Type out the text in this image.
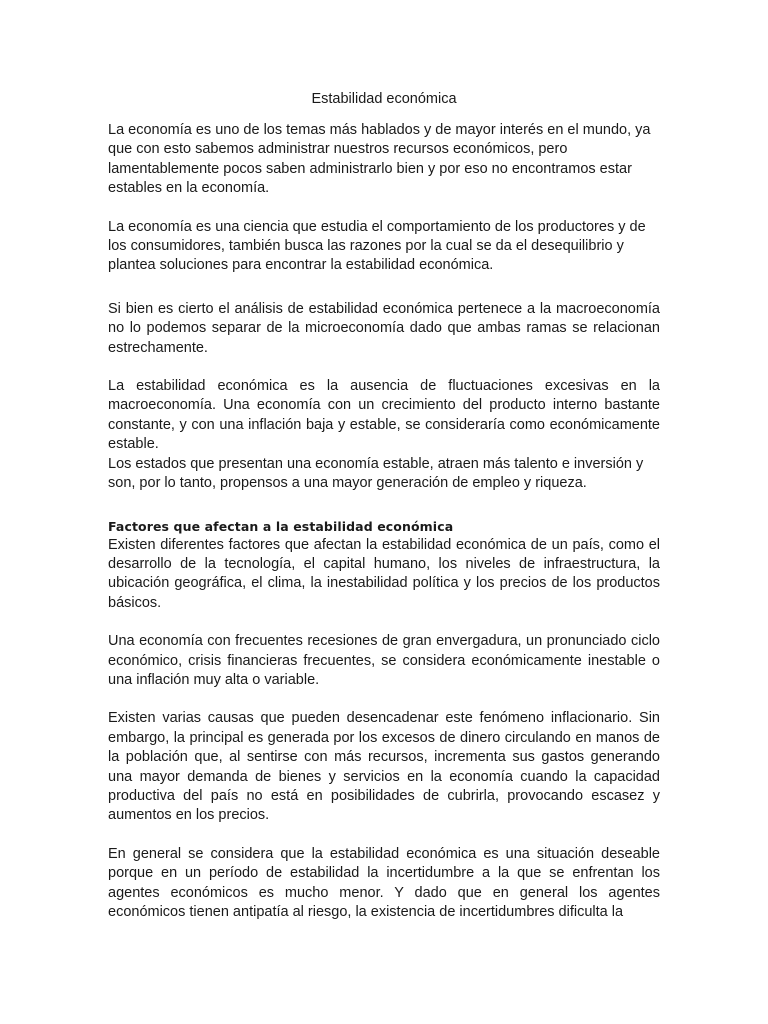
Estabilidad económica

La economía es uno de los temas más hablados y de mayor interés en el mundo, ya que con esto sabemos administrar nuestros recursos económicos, pero lamentablemente pocos saben administrarlo bien y por eso no encontramos estar estables en la economía.

La economía es una ciencia que estudia el comportamiento de los productores y de los consumidores, también busca las razones por la cual se da el desequilibrio y plantea soluciones para encontrar la estabilidad económica.

Si bien es cierto el análisis de estabilidad económica pertenece a la macroeconomía no lo podemos separar de la microeconomía dado que ambas ramas se relacionan estrechamente.

La estabilidad económica es la ausencia de fluctuaciones excesivas en la macroeconomía. Una economía con un crecimiento del producto interno bastante constante, y con una inflación baja y estable, se consideraría como económicamente estable.

Los estados que presentan una economía estable, atraen más talento e inversión y son, por lo tanto, propensos a una mayor generación de empleo y riqueza.

Factores que afectan a la estabilidad económica

Existen diferentes factores que afectan la estabilidad económica de un país, como el desarrollo de la tecnología, el capital humano, los niveles de infraestructura, la ubicación geográfica, el clima, la inestabilidad política y los precios de los productos básicos.

Una economía con frecuentes recesiones de gran envergadura, un pronunciado ciclo económico, crisis financieras frecuentes, se considera económicamente inestable o una inflación muy alta o variable.

Existen varias causas que pueden desencadenar este fenómeno inflacionario. Sin embargo, la principal es generada por los excesos de dinero circulando en manos de la población que, al sentirse con más recursos, incrementa sus gastos generando una mayor demanda de bienes y servicios en la economía cuando la capacidad productiva del país no está en posibilidades de cubrirla, provocando escasez y aumentos en los precios.

En general se considera que la estabilidad económica es una situación deseable porque en un período de estabilidad la incertidumbre a la que se enfrentan los agentes económicos es mucho menor. Y dado que en general los agentes económicos tienen antipatía al riesgo, la existencia de incertidumbres dificulta la
